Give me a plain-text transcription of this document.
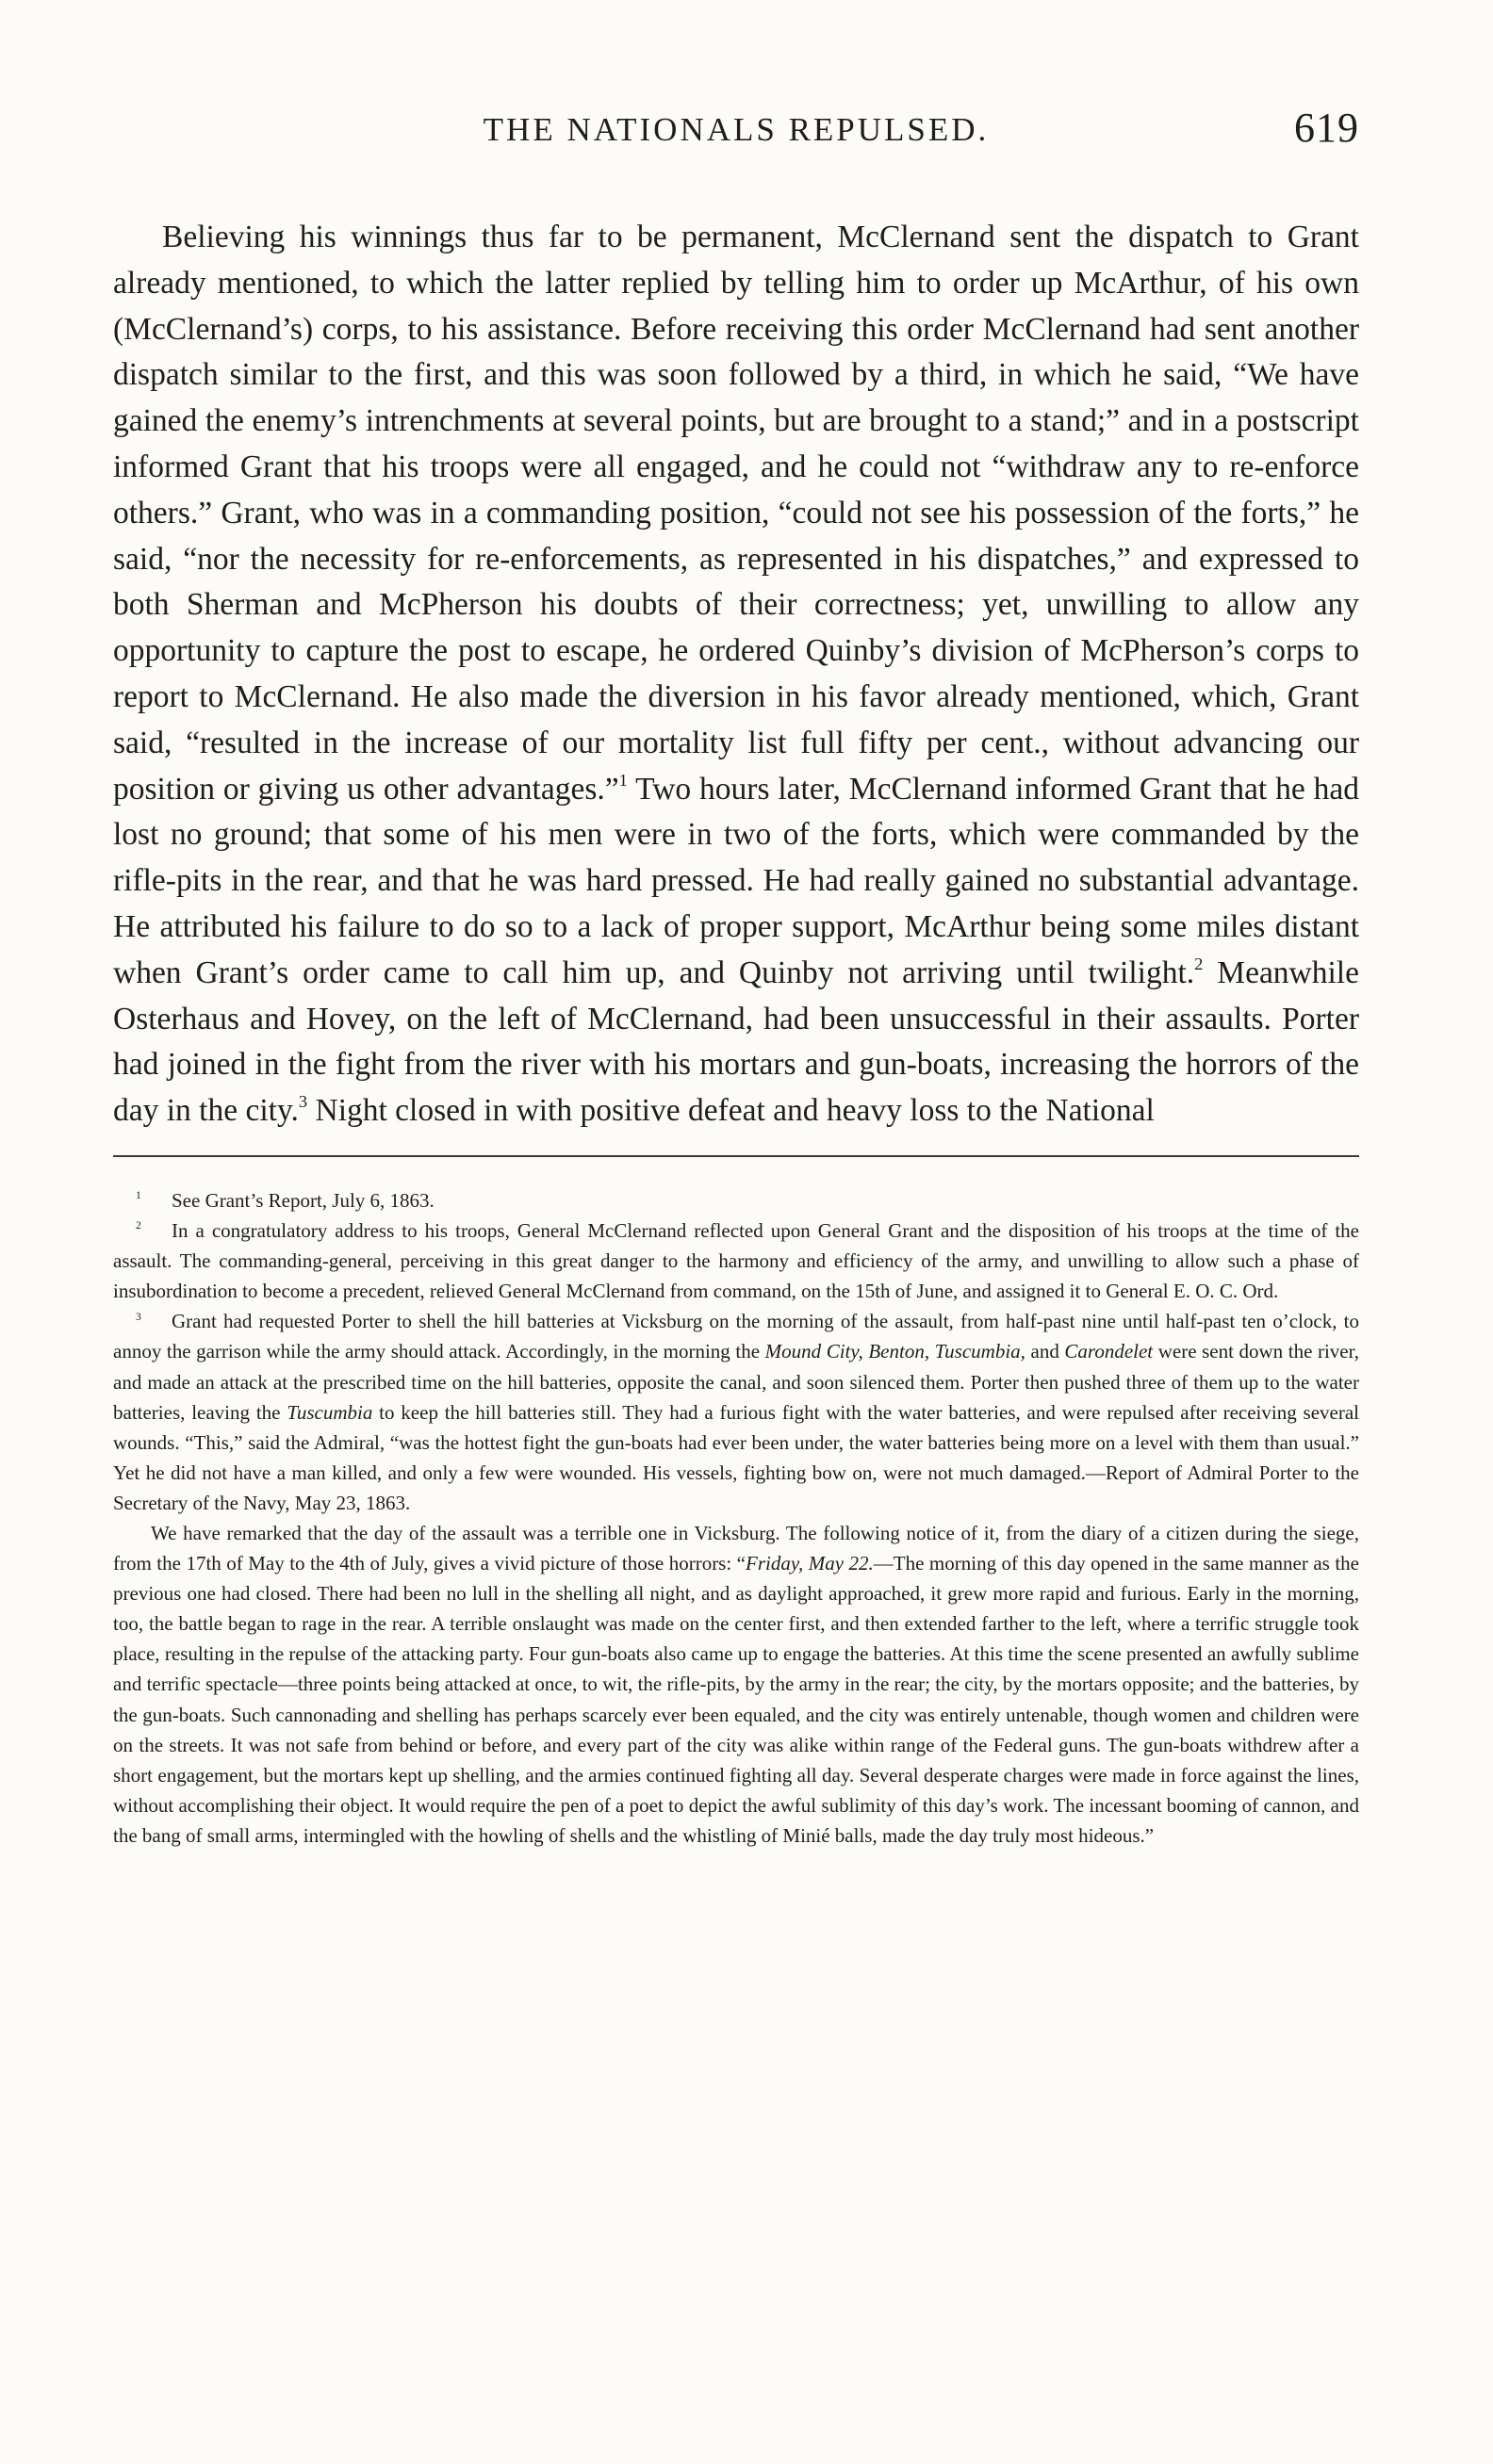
THE NATIONALS REPULSED.	619

Believing his winnings thus far to be permanent, McClernand sent the dispatch to Grant already mentioned, to which the latter replied by telling him to order up McArthur, of his own (McClernand’s) corps, to his assistance. Before receiving this order McClernand had sent another dispatch similar to the first, and this was soon followed by a third, in which he said, “We have gained the enemy’s intrenchments at several points, but are brought to a stand;” and in a postscript informed Grant that his troops were all engaged, and he could not “withdraw any to re-enforce others.” Grant, who was in a commanding position, “could not see his possession of the forts,” he said, “nor the necessity for re-enforcements, as represented in his dispatches,” and expressed to both Sherman and McPherson his doubts of their correctness; yet, unwilling to allow any opportunity to capture the post to escape, he ordered Quinby’s division of McPherson’s corps to report to McClernand. He also made the diversion in his favor already mentioned, which, Grant said, “resulted in the increase of our mortality list full fifty per cent., without advancing our position or giving us other advantages.”$^1$ Two hours later, McClernand informed Grant that he had lost no ground; that some of his men were in two of the forts, which were commanded by the rifle-pits in the rear, and that he was hard pressed. He had really gained no substantial advantage. He attributed his failure to do so to a lack of proper support, McArthur being some miles distant when Grant’s order came to call him up, and Quinby not arriving until twilight.$^2$ Meanwhile Osterhaus and Hovey, on the left of McClernand, had been unsuccessful in their assaults. Porter had joined in the fight from the river with his mortars and gun-boats, increasing the horrors of the day in the city.$^3$ Night closed in with positive defeat and heavy loss to the National

$^1$ See Grant’s Report, July 6, 1863.

$^2$ In a congratulatory address to his troops, General McClernand reflected upon General Grant and the disposition of his troops at the time of the assault. The commanding-general, perceiving in this great danger to the harmony and efficiency of the army, and unwilling to allow such a phase of insubordination to become a precedent, relieved General McClernand from command, on the 15th of June, and assigned it to General E. O. C. Ord.

$^3$ Grant had requested Porter to shell the hill batteries at Vicksburg on the morning of the assault, from half-past nine until half-past ten o’clock, to annoy the garrison while the army should attack. Accordingly, in the morning the Mound City, Benton, Tuscumbia, and Carondelet were sent down the river, and made an attack at the prescribed time on the hill batteries, opposite the canal, and soon silenced them. Porter then pushed three of them up to the water batteries, leaving the Tuscumbia to keep the hill batteries still. They had a furious fight with the water batteries, and were repulsed after receiving several wounds. “This,” said the Admiral, “was the hottest fight the gun-boats had ever been under, the water batteries being more on a level with them than usual.” Yet he did not have a man killed, and only a few were wounded. His vessels, fighting bow on, were not much damaged.—Report of Admiral Porter to the Secretary of the Navy, May 23, 1863.

We have remarked that the day of the assault was a terrible one in Vicksburg. The following notice of it, from the diary of a citizen during the siege, from the 17th of May to the 4th of July, gives a vivid picture of those horrors: “Friday, May 22.—The morning of this day opened in the same manner as the previous one had closed. There had been no lull in the shelling all night, and as daylight approached, it grew more rapid and furious. Early in the morning, too, the battle began to rage in the rear. A terrible onslaught was made on the center first, and then extended farther to the left, where a terrific struggle took place, resulting in the repulse of the attacking party. Four gun-boats also came up to engage the batteries. At this time the scene presented an awfully sublime and terrific spectacle—three points being attacked at once, to wit, the rifle-pits, by the army in the rear; the city, by the mortars opposite; and the batteries, by the gun-boats. Such cannonading and shelling has perhaps scarcely ever been equaled, and the city was entirely untenable, though women and children were on the streets. It was not safe from behind or before, and every part of the city was alike within range of the Federal guns. The gun-boats withdrew after a short engagement, but the mortars kept up shelling, and the armies continued fighting all day. Several desperate charges were made in force against the lines, without accomplishing their object. It would require the pen of a poet to depict the awful sublimity of this day’s work. The incessant booming of cannon, and the bang of small arms, intermingled with the howling of shells and the whistling of Minié balls, made the day truly most hideous.”
